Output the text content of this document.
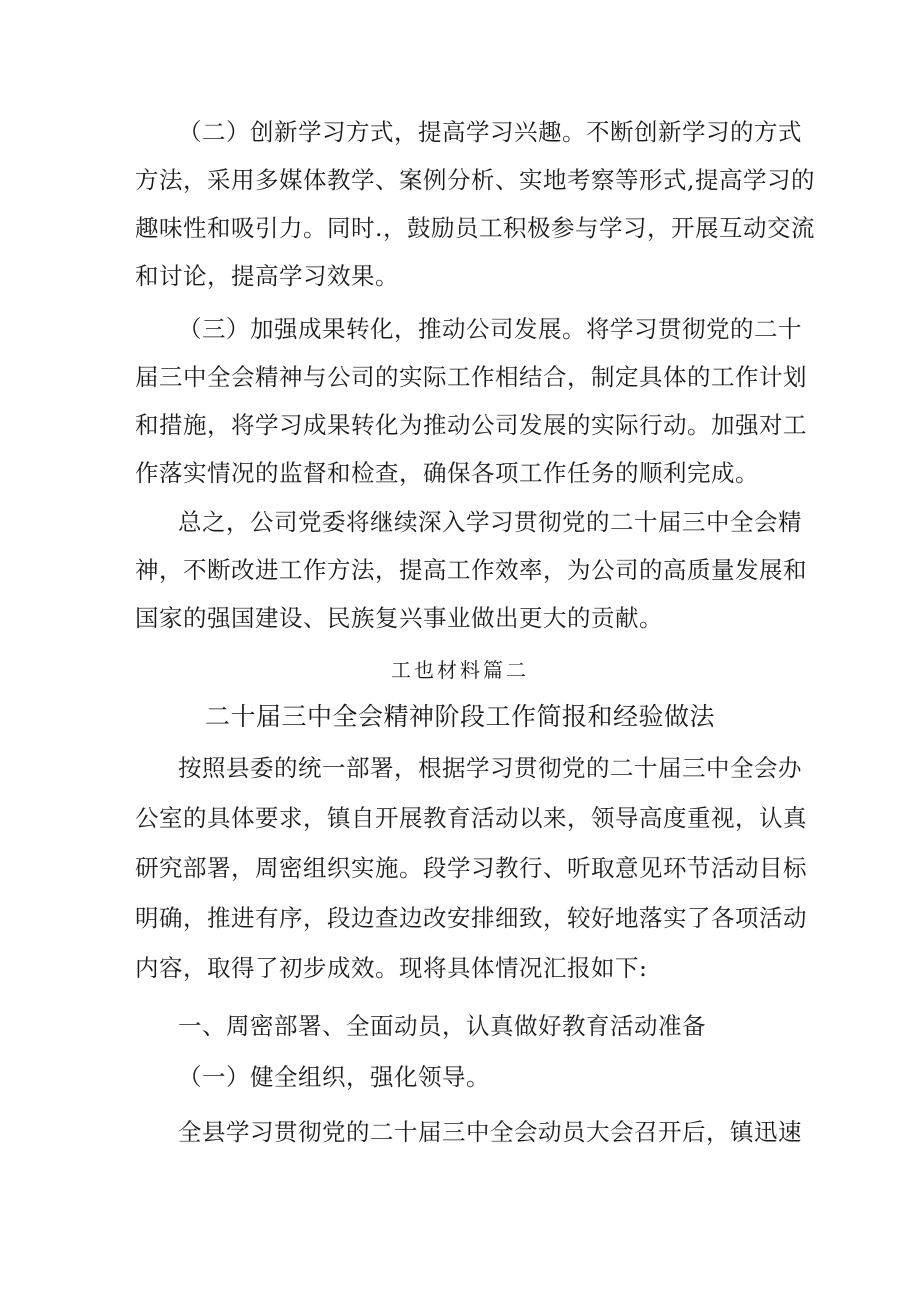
（二）创新学习方式，提高学习兴趣。不断创新学习的方式
方法，采用多媒体教学、案例分析、实地考察等形式,提高学习的
趣味性和吸引力。同时.，鼓励员工积极参与学习，开展互动交流
和讨论，提高学习效果。
（三）加强成果转化，推动公司发展。将学习贯彻党的二十
届三中全会精神与公司的实际工作相结合，制定具体的工作计划
和措施，将学习成果转化为推动公司发展的实际行动。加强对工
作落实情况的监督和检查，确保各项工作任务的顺利完成。
总之，公司党委将继续深入学习贯彻党的二十届三中全会精
神，不断改进工作方法，提高工作效率，为公司的高质量发展和
国家的强国建设、民族复兴事业做出更大的贡献。
工也材料篇二
二十届三中全会精神阶段工作简报和经验做法
按照县委的统一部署，根据学习贯彻党的二十届三中全会办
公室的具体要求，镇自开展教育活动以来，领导高度重视，认真
研究部署，周密组织实施。段学习教行、听取意见环节活动目标
明确，推进有序，段边查边改安排细致，较好地落实了各项活动
内容，取得了初步成效。现将具体情况汇报如下:
一、周密部署、全面动员，认真做好教育活动准备
（一）健全组织，强化领导。
全县学习贯彻党的二十届三中全会动员大会召开后，镇迅速
